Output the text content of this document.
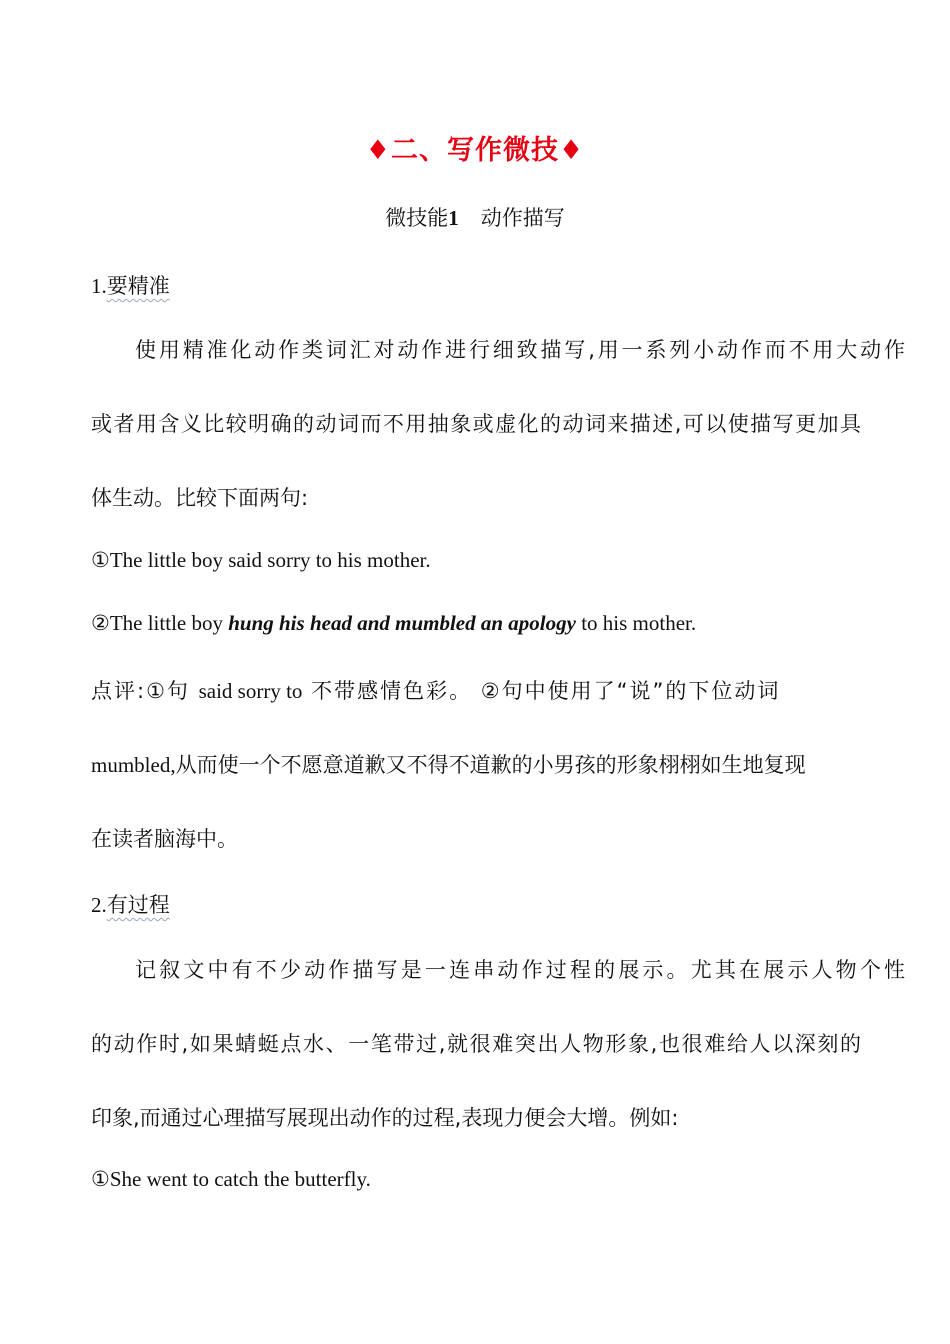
♦二、写作微技♦
微技能1 动作描写
1.要精准
使用精准化动作类词汇对动作进行细致描写,用一系列小动作而不用大动作
或者用含义比较明确的动词而不用抽象或虚化的动词来描述,可以使描写更加具
体生动。比较下面两句:
①The little boy said sorry to his mother.
②The little boy hung his head and mumbled an apology to his mother.
点评:①句 said sorry to 不带感情色彩。 ②句中使用了“说”的下位动词
mumbled,从而使一个不愿意道歉又不得不道歉的小男孩的形象栩栩如生地复现
在读者脑海中。
2.有过程
记叙文中有不少动作描写是一连串动作过程的展示。尤其在展示人物个性
的动作时,如果蜻蜓点水、一笔带过,就很难突出人物形象,也很难给人以深刻的
印象,而通过心理描写展现出动作的过程,表现力便会大增。例如:
①She went to catch the butterfly.
